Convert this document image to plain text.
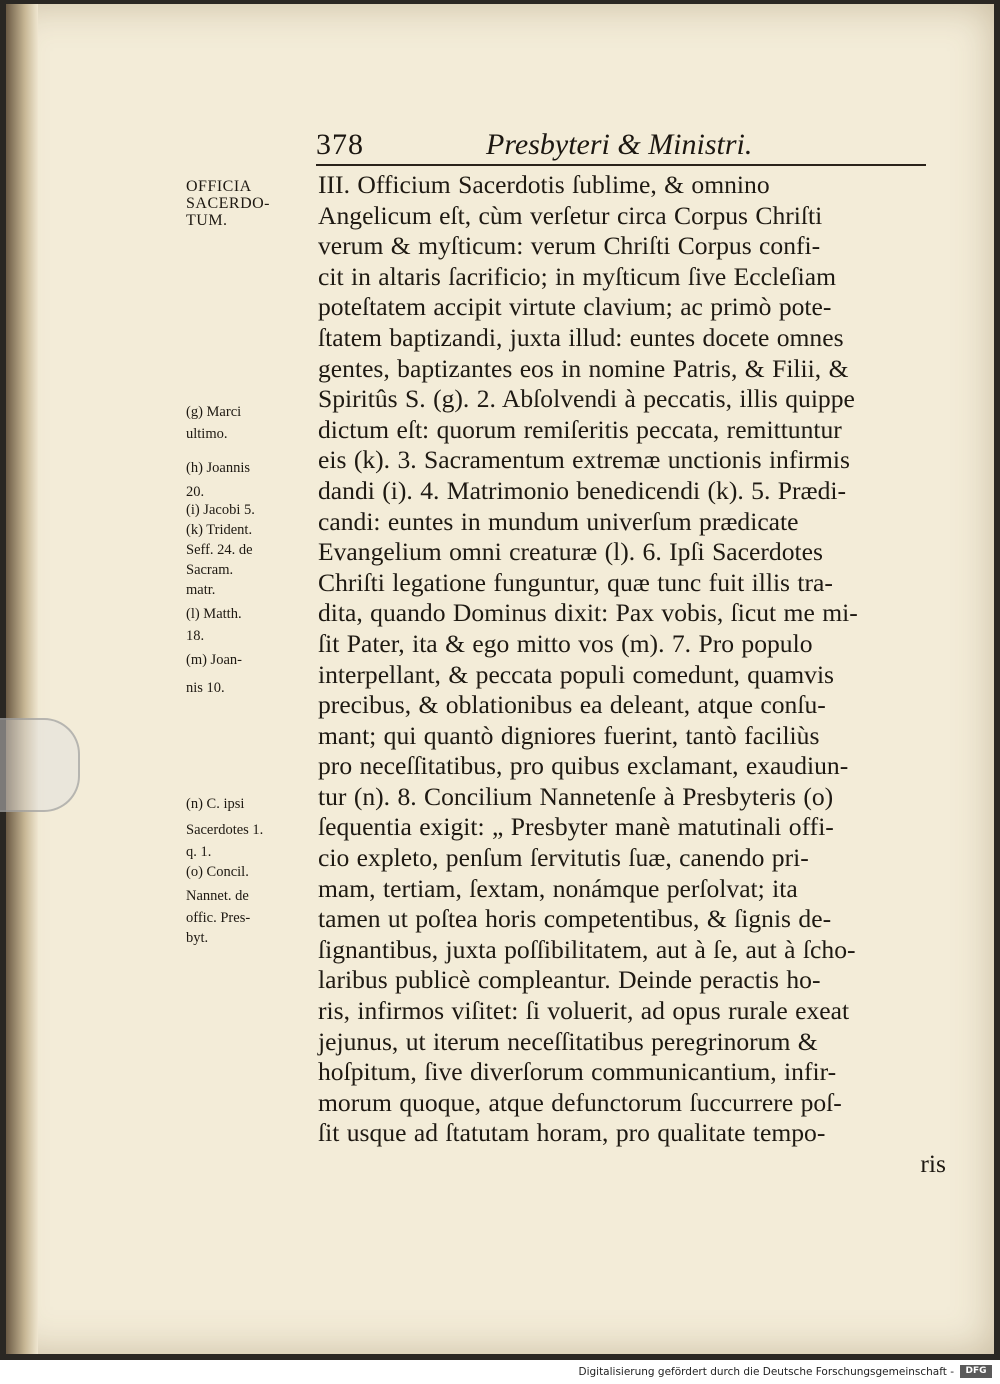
378	Presbyteri & Ministri.
OFFICIA
SACERDO-
TUM.
(g) Marci
ultimo.
(h) Joannis
20.
(i) Jacobi 5.
(k) Trident.
Seff. 24. de
Sacram.
matr.
(l) Matth.
18.
(m) Joan-
nis 10.
(n) C. ipsi
Sacerdotes 1.
q. 1.
(o) Concil.
Nannet. de
offic. Pres-
byt.
III. Officium Sacerdotis ſublime, & omnino
Angelicum eſt, cùm verſetur circa Corpus Chriſti
verum & myſticum: verum Chriſti Corpus confi-
cit in altaris ſacrificio; in myſticum ſive Eccleſiam
poteſtatem accipit virtute clavium; ac primò pote-
ſtatem baptizandi, juxta illud: euntes docete omnes
gentes, baptizantes eos in nomine Patris, & Filii, &
Spiritûs S. (g). 2. Abſolvendi à peccatis, illis quippe
dictum eſt: quorum remiſeritis peccata, remittuntur
eis (k). 3. Sacramentum extremæ unctionis infirmis
dandi (i). 4. Matrimonio benedicendi (k). 5. Prædi-
candi: euntes in mundum univerſum prædicate
Evangelium omni creaturæ (l). 6. Ipſi Sacerdotes
Chriſti legatione funguntur, quæ tunc fuit illis tra-
dita, quando Dominus dixit: Pax vobis, ſicut me mi-
ſit Pater, ita & ego mitto vos (m). 7. Pro populo
interpellant, & peccata populi comedunt, quamvis
precibus, & oblationibus ea deleant, atque conſu-
mant; qui quantò digniores fuerint, tantò faciliùs
pro neceſſitatibus, pro quibus exclamant, exaudiun-
tur (n). 8. Concilium Nannetenſe à Presbyteris (o)
ſequentia exigit: „ Presbyter manè matutinali offi-
cio expleto, penſum ſervitutis ſuæ, canendo pri-
mam, tertiam, ſextam, nonámque perſolvat; ita
tamen ut poſtea horis competentibus, & ſignis de-
ſignantibus, juxta poſſibilitatem, aut à ſe, aut à ſcho-
laribus publicè compleantur. Deinde peractis ho-
ris, infirmos viſitet: ſi voluerit, ad opus rurale exeat
jejunus, ut iterum neceſſitatibus peregrinorum &
hoſpitum, ſive diverſorum communicantium, infir-
morum quoque, atque defunctorum ſuccurrere poſ-
ſit usque ad ſtatutam horam, pro qualitate tempo-
ris
Digitalisierung gefördert durch die Deutsche Forschungsgemeinschaft -	DFG
